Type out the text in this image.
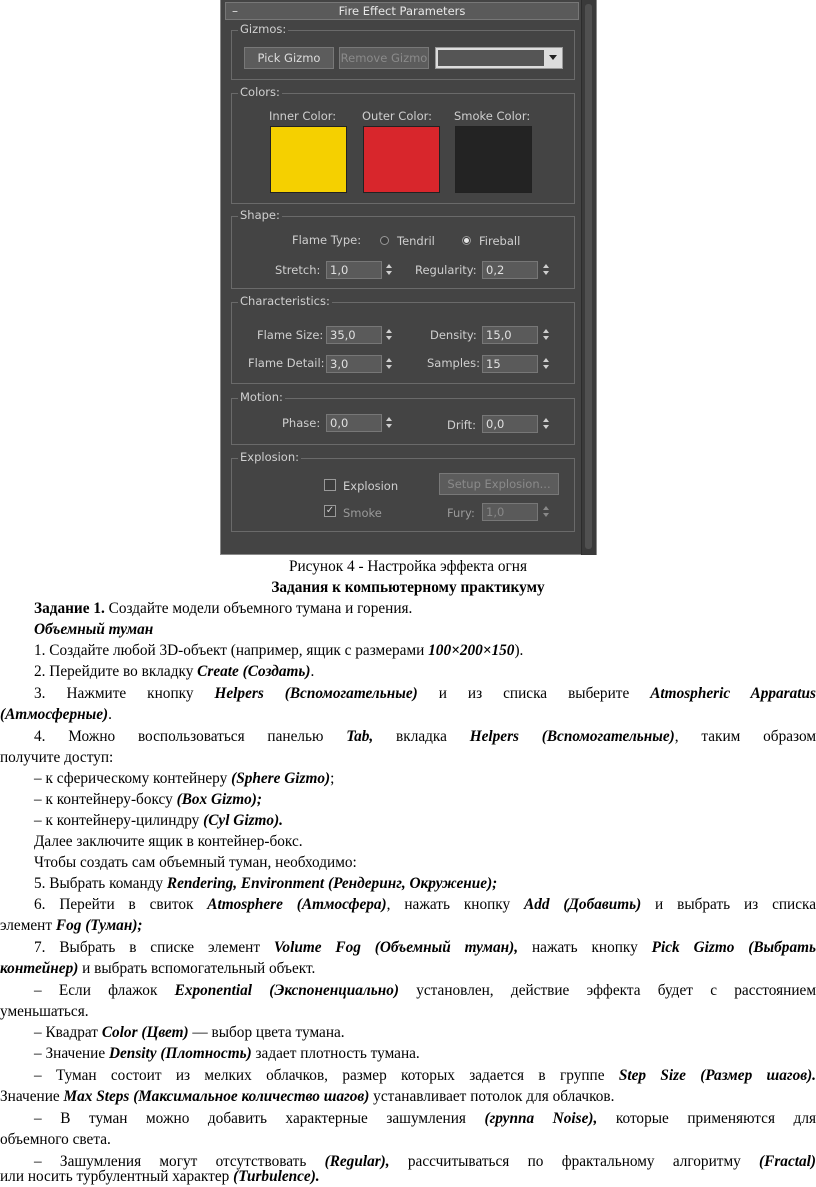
–	Fire Effect Parameters
Gizmos:
Pick Gizmo	Remove Gizmo
Colors:
Inner Color: Outer Color: Smoke Color:
Shape:
Flame Type:	Tendril	Fireball
Stretch: 1,0	Regularity: 0,2
Characteristics:
Flame Size: 35,0	Density: 15,0
Flame Detail: 3,0	Samples: 15
Motion:
Phase: 0,0	Drift: 0,0
Explosion:
Explosion	Setup Explosion...
✓ Smoke	Fury: 1,0
Рисунок 4 - Настройка эффекта огня
Задания к компьютерному практикуму
Задание 1. Создайте модели объемного тумана и горения.
Объемный туман
1. Создайте любой 3D-объект (например, ящик с размерами 100×200×150).
2. Перейдите во вкладку Create (Создать).
3. Нажмите кнопку Helpers (Вспомогательные) и из списка выберите Atmospheric Apparatus
(Атмосферные).
4. Можно воспользоваться панелью Tab, вкладка Helpers (Вспомогательные), таким образом
получите доступ:
– к сферическому контейнеру (Sphere Gizmo);
– к контейнеру-боксу (Box Gizmo);
– к контейнеру-цилиндру (Cyl Gizmo).
Далее заключите ящик в контейнер-бокс.
Чтобы создать сам объемный туман, необходимо:
5. Выбрать команду Rendering, Environment (Рендеринг, Окружение);
6. Перейти в свиток Atmosphere (Атмосфера), нажать кнопку Add (Добавить) и выбрать из списка
элемент Fog (Туман);
7. Выбрать в списке элемент Volume Fog (Объемный туман), нажать кнопку Pick Gizmo (Выбрать
контейнер) и выбрать вспомогательный объект.
– Если флажок Exponential (Экспоненциально) установлен, действие эффекта будет с расстоянием
уменьшаться.
– Квадрат Color (Цвет) — выбор цвета тумана.
– Значение Density (Плотность) задает плотность тумана.
– Туман состоит из мелких облачков, размер которых задается в группе Step Size (Размер шагов).
Значение Max Steps (Максимальное количество шагов) устанавливает потолок для облачков.
– В туман можно добавить характерные зашумления (группа Noise), которые применяются для
объемного света.
– Зашумления могут отсутствовать (Regular), рассчитываться по фрактальному алгоритму (Fractal)
или носить турбулентный характер (Turbulence).
